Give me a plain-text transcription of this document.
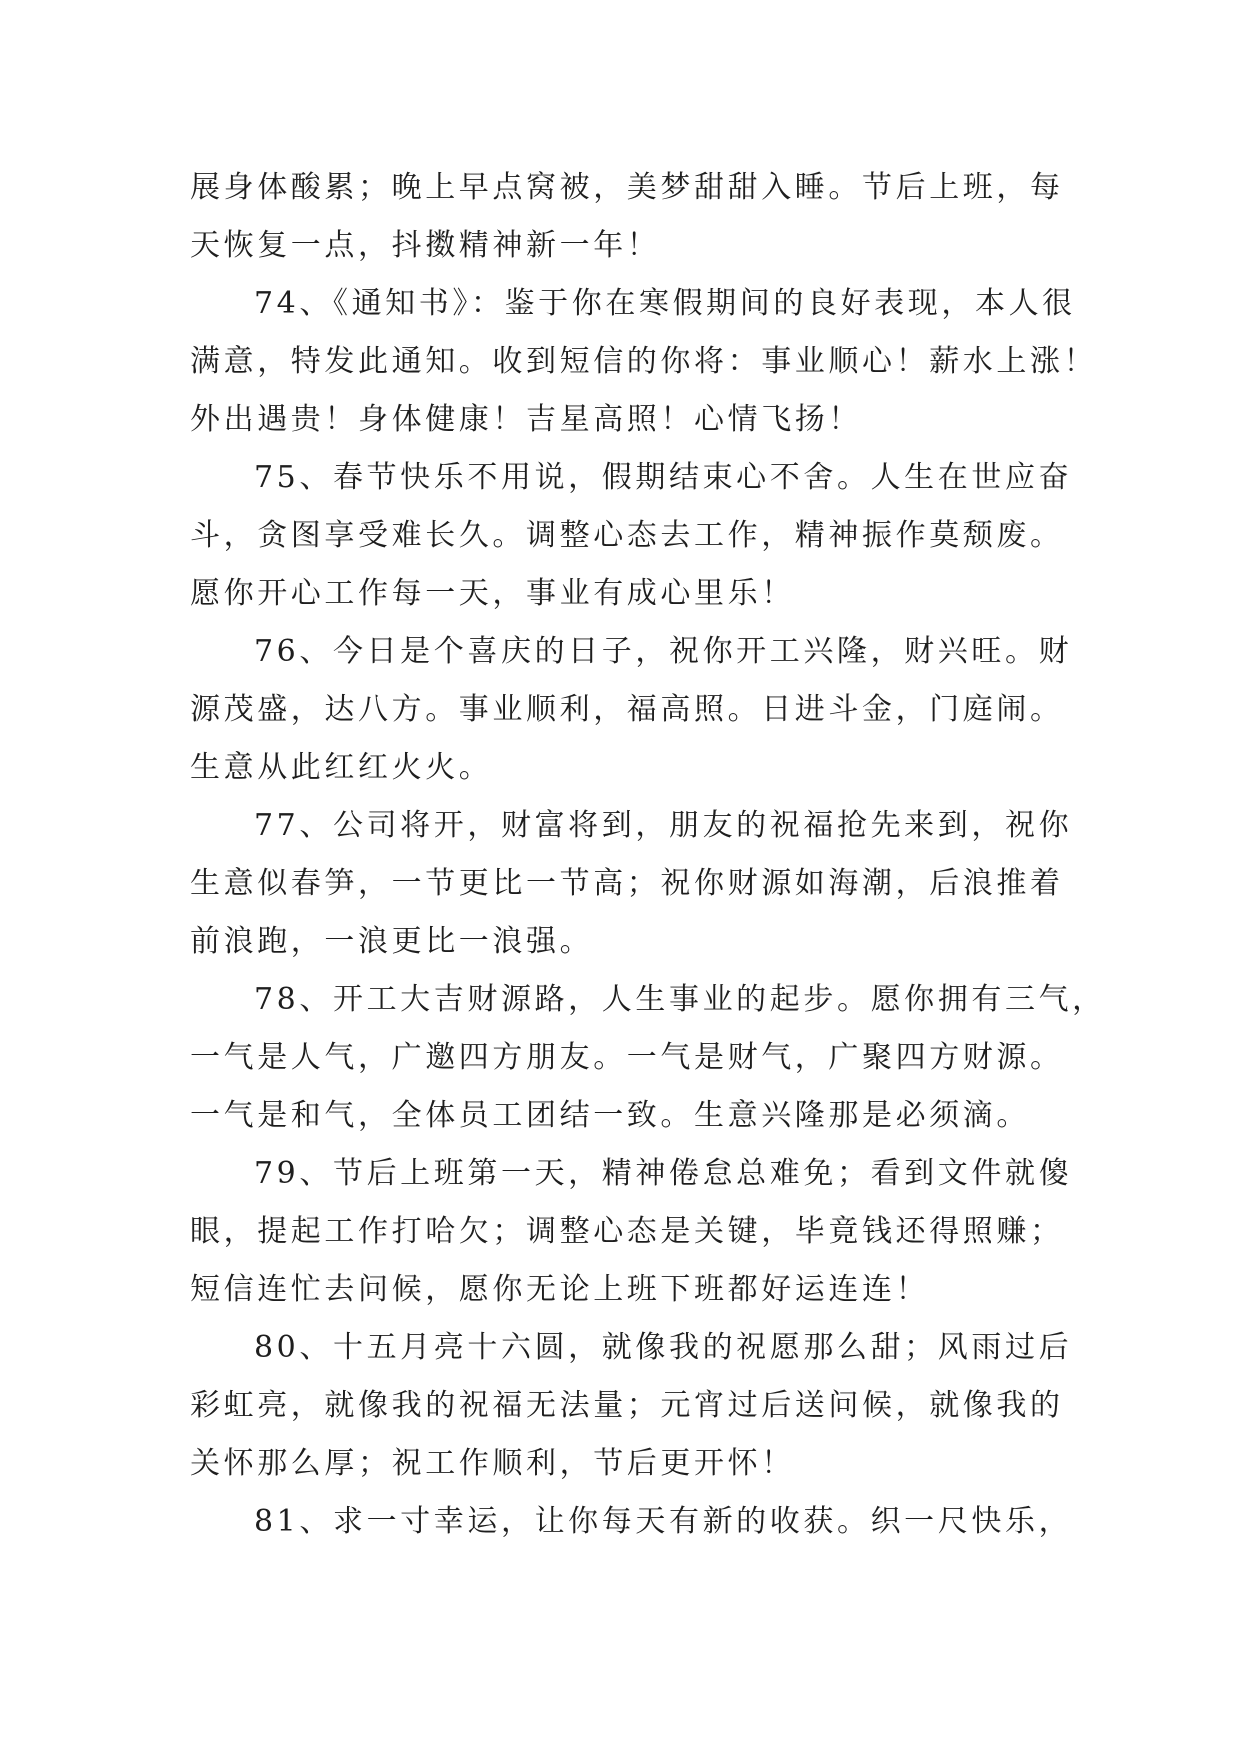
展身体酸累；晚上早点窝被，美梦甜甜入睡。节后上班，每
天恢复一点，抖擞精神新一年！
74、《通知书》：鉴于你在寒假期间的良好表现，本人很
满意，特发此通知。收到短信的你将：事业顺心！薪水上涨！
外出遇贵！身体健康！吉星高照！心情飞扬！
75、春节快乐不用说，假期结束心不舍。人生在世应奋
斗，贪图享受难长久。调整心态去工作，精神振作莫颓废。
愿你开心工作每一天，事业有成心里乐！
76、今日是个喜庆的日子，祝你开工兴隆，财兴旺。财
源茂盛，达八方。事业顺利，福高照。日进斗金，门庭闹。
生意从此红红火火。
77、公司将开，财富将到，朋友的祝福抢先来到，祝你
生意似春笋，一节更比一节高；祝你财源如海潮，后浪推着
前浪跑，一浪更比一浪强。
78、开工大吉财源路，人生事业的起步。愿你拥有三气，
一气是人气，广邀四方朋友。一气是财气，广聚四方财源。
一气是和气，全体员工团结一致。生意兴隆那是必须滴。
79、节后上班第一天，精神倦怠总难免；看到文件就傻
眼，提起工作打哈欠；调整心态是关键，毕竟钱还得照赚；
短信连忙去问候，愿你无论上班下班都好运连连！
80、十五月亮十六圆，就像我的祝愿那么甜；风雨过后
彩虹亮，就像我的祝福无法量；元宵过后送问候，就像我的
关怀那么厚；祝工作顺利，节后更开怀！
81、求一寸幸运，让你每天有新的收获。织一尺快乐，
